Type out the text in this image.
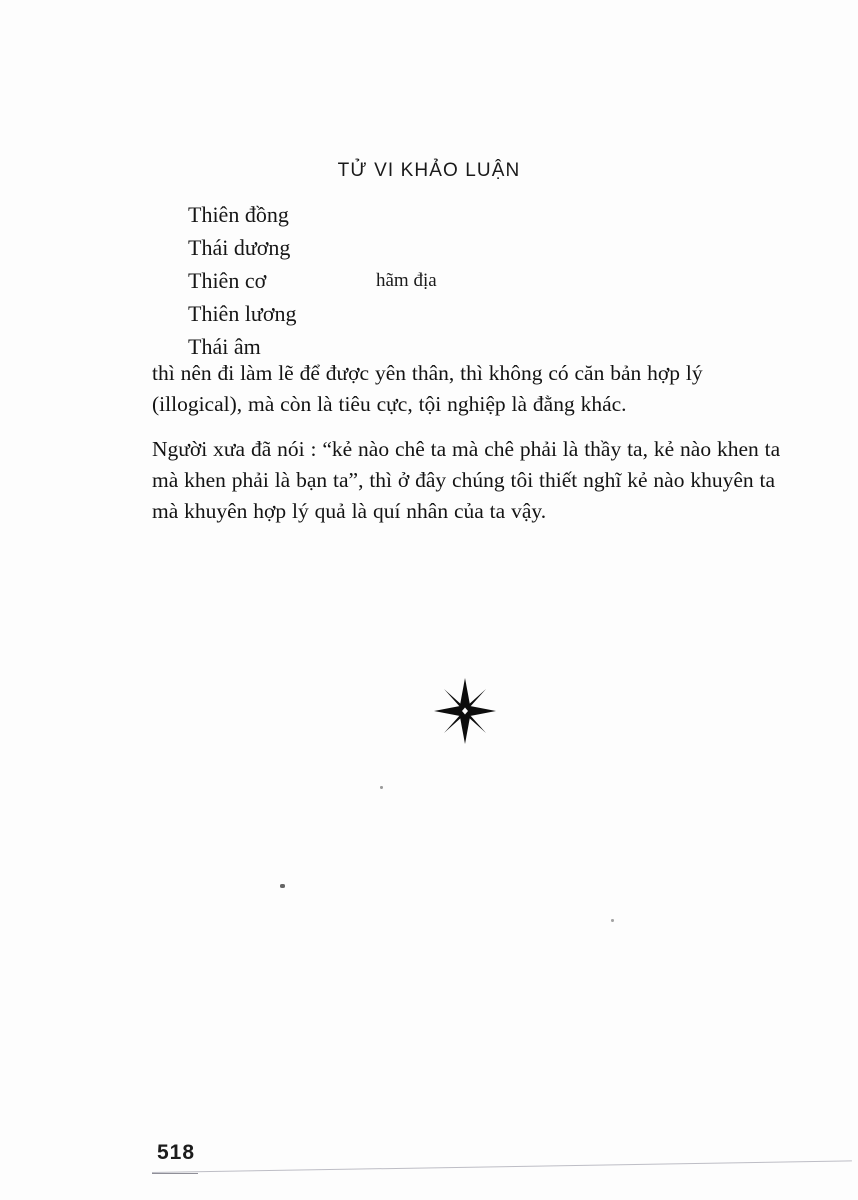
TỬ VI KHẢO LUẬN
Thiên đồng
Thái dương
Thiên cơ	hãm địa
Thiên lương
Thái âm

thì nên đi làm lẽ để được yên thân, thì không có căn bản hợp lý (illogical), mà còn là tiêu cực, tội nghiệp là đằng khác.

Người xưa đã nói : “kẻ nào chê ta mà chê phải là thầy ta, kẻ nào khen ta mà khen phải là bạn ta”, thì ở đây chúng tôi thiết nghĩ kẻ nào khuyên ta mà khuyên hợp lý quả là quí nhân của ta vậy.

518
